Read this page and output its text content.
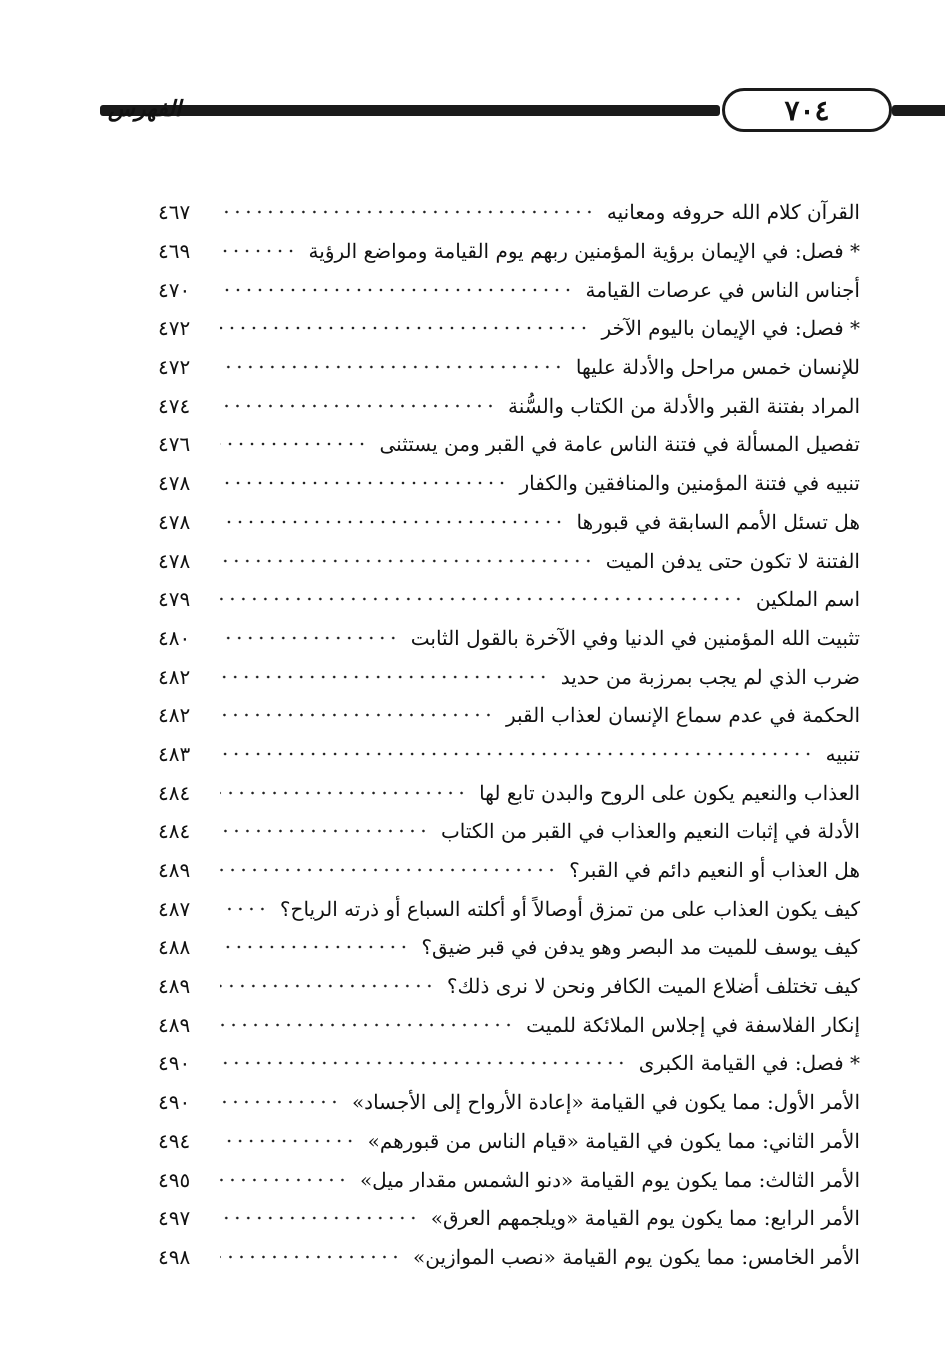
٧٠٤
الفهرس
القرآن كلام الله حروفه ومعانيه
٤٦٧
* فصل: في الإيمان برؤية المؤمنين ربهم يوم القيامة ومواضع الرؤية
٤٦٩
أجناس الناس في عرصات القيامة
٤٧٠
* فصل: في الإيمان باليوم الآخر
٤٧٢
للإنسان خمس مراحل والأدلة عليها
٤٧٢
المراد بفتنة القبر والأدلة من الكتاب والسُّنة
٤٧٤
تفصيل المسألة في فتنة الناس عامة في القبر ومن يستثنى
٤٧٦
تنبيه في فتنة المؤمنين والمنافقين والكفار
٤٧٨
هل تسئل الأمم السابقة في قبورها
٤٧٨
الفتنة لا تكون حتى يدفن الميت
٤٧٨
اسم الملكين
٤٧٩
تثبيت الله المؤمنين في الدنيا وفي الآخرة بالقول الثابت
٤٨٠
ضرب الذي لم يجب بمرزبة من حديد
٤٨٢
الحكمة في عدم سماع الإنسان لعذاب القبر
٤٨٢
تنبيه
٤٨٣
العذاب والنعيم يكون على الروح والبدن تابع لها
٤٨٤
الأدلة في إثبات النعيم والعذاب في القبر من الكتاب
٤٨٤
هل العذاب أو النعيم دائم في القبر؟
٤٨٩
كيف يكون العذاب على من تمزق أوصالاً أو أكلته السباع أو ذرته الرياح؟
٤٨٧
كيف يوسف للميت مد البصر وهو يدفن في قبر ضيق؟
٤٨٨
كيف تختلف أضلاع الميت الكافر ونحن لا نرى ذلك؟
٤٨٩
إنكار الفلاسفة في إجلاس الملائكة للميت
٤٨٩
* فصل: في القيامة الكبرى
٤٩٠
الأمر الأول: مما يكون في القيامة «إعادة الأرواح إلى الأجساد»
٤٩٠
الأمر الثاني: مما يكون في القيامة «قيام الناس من قبورهم»
٤٩٤
الأمر الثالث: مما يكون يوم القيامة «دنو الشمس مقدار ميل»
٤٩٥
الأمر الرابع: مما يكون يوم القيامة «ويلجمهم العرق»
٤٩٧
الأمر الخامس: مما يكون يوم القيامة «نصب الموازين»
٤٩٨
